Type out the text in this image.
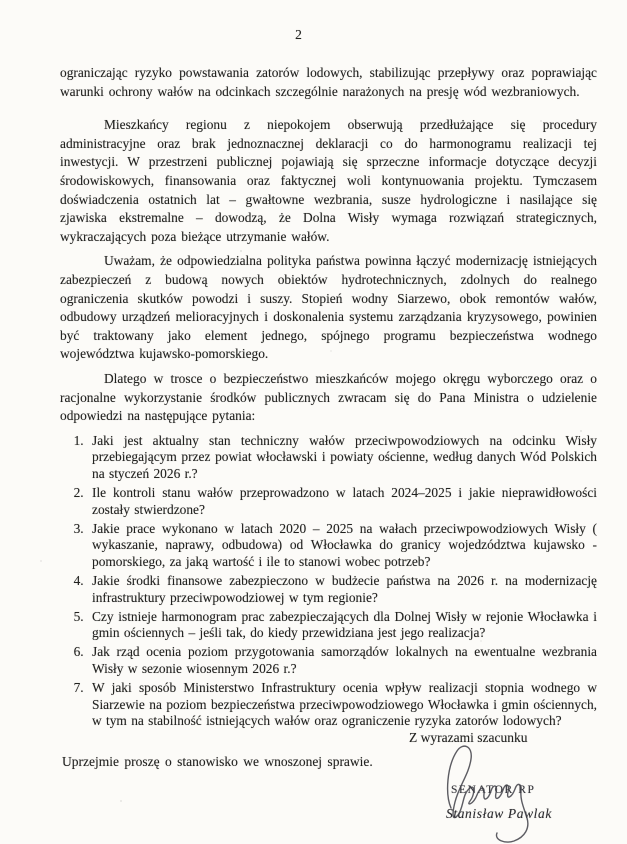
2

ograniczając ryzyko powstawania zatorów lodowych, stabilizując przepływy oraz poprawiając warunki ochrony wałów na odcinkach szczególnie narażonych na presję wód wezbraniowych.

Mieszkańcy regionu z niepokojem obserwują przedłużające się procedury administracyjne oraz brak jednoznacznej deklaracji co do harmonogramu realizacji tej inwestycji. W przestrzeni publicznej pojawiają się sprzeczne informacje dotyczące decyzji środowiskowych, finansowania oraz faktycznej woli kontynuowania projektu. Tymczasem doświadczenia ostatnich lat – gwałtowne wezbrania, susze hydrologiczne i nasilające się zjawiska ekstremalne – dowodzą, że Dolna Wisły wymaga rozwiązań strategicznych, wykraczających poza bieżące utrzymanie wałów.

Uważam, że odpowiedzialna polityka państwa powinna łączyć modernizację istniejących zabezpieczeń z budową nowych obiektów hydrotechnicznych, zdolnych do realnego ograniczenia skutków powodzi i suszy. Stopień wodny Siarzewo, obok remontów wałów, odbudowy urządzeń melioracyjnych i doskonalenia systemu zarządzania kryzysowego, powinien być traktowany jako element jednego, spójnego programu bezpieczeństwa wodnego województwa kujawsko-pomorskiego.

Dlatego w trosce o bezpieczeństwo mieszkańców mojego okręgu wyborczego oraz o racjonalne wykorzystanie środków publicznych zwracam się do Pana Ministra o udzielenie odpowiedzi na następujące pytania:

1. Jaki jest aktualny stan techniczny wałów przeciwpowodziowych na odcinku Wisły przebiegającym przez powiat włocławski i powiaty ościenne, według danych Wód Polskich na styczeń 2026 r.?
2. Ile kontroli stanu wałów przeprowadzono w latach 2024–2025 i jakie nieprawidłowości zostały stwierdzone?
3. Jakie prace wykonano w latach 2020 – 2025 na wałach przeciwpowodziowych Wisły ( wykaszanie, naprawy, odbudowa) od Włocławka do granicy wojedzództwa kujawsko - pomorskiego, za jaką wartość i ile to stanowi wobec potrzeb?
4. Jakie środki finansowe zabezpieczono w budżecie państwa na 2026 r. na modernizację infrastruktury przeciwpowodziowej w tym regionie?
5. Czy istnieje harmonogram prac zabezpieczających dla Dolnej Wisły w rejonie Włocławka i gmin ościennych – jeśli tak, do kiedy przewidziana jest jego realizacja?
6. Jak rząd ocenia poziom przygotowania samorządów lokalnych na ewentualne wezbrania Wisły w sezonie wiosennym 2026 r.?
7. W jaki sposób Ministerstwo Infrastruktury ocenia wpływ realizacji stopnia wodnego w Siarzewie na poziom bezpieczeństwa przeciwpowodziowego Włocławka i gmin ościennych, w tym na stabilność istniejących wałów oraz ograniczenie ryzyka zatorów lodowych?

Uprzejmie proszę o stanowisko we wnoszonej sprawie.

Z wyrazami szacunku
SENATOR RP
Stanisław Pawlak
